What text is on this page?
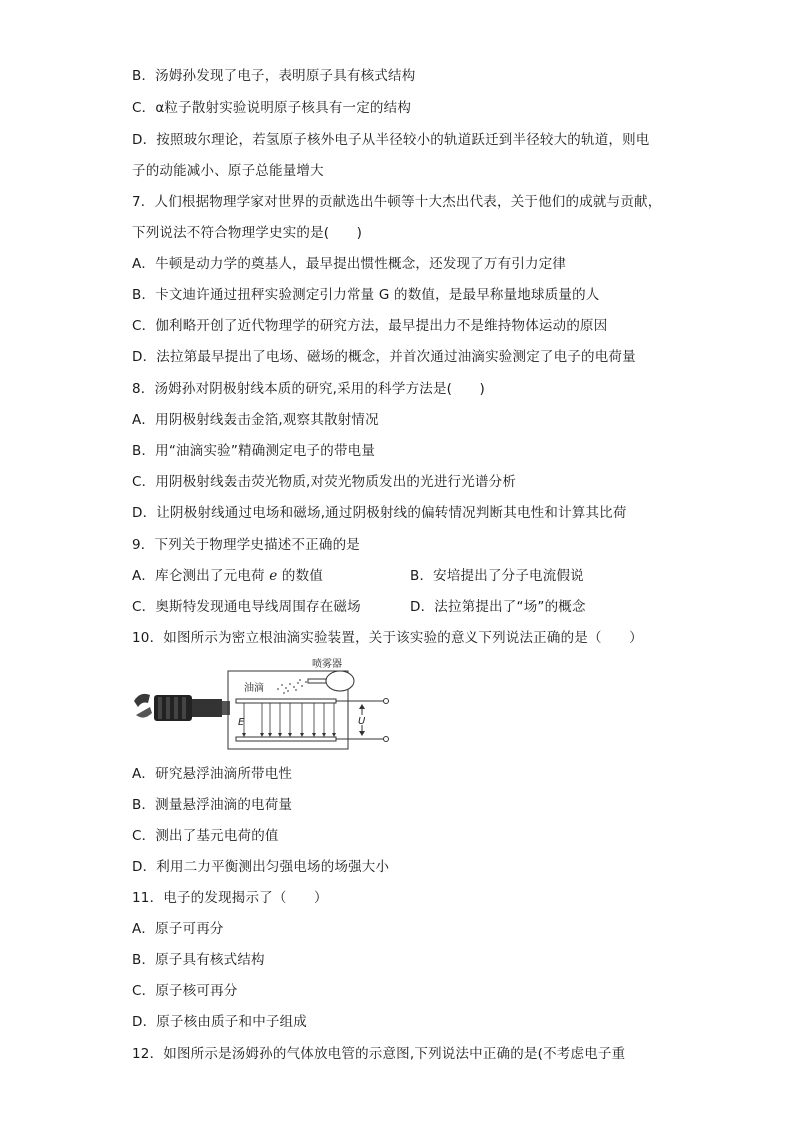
B．汤姆孙发现了电子，表明原子具有核式结构
C．α粒子散射实验说明原子核具有一定的结构
D．按照玻尔理论，若氢原子核外电子从半径较小的轨道跃迁到半径较大的轨道，则电
子的动能减小、原子总能量增大
7．人们根据物理学家对世界的贡献选出牛顿等十大杰出代表，关于他们的成就与贡献，
下列说法不符合物理学史实的是(　　)
A．牛顿是动力学的奠基人，最早提出惯性概念，还发现了万有引力定律
B．卡文迪许通过扭秤实验测定引力常量 G 的数值，是最早称量地球质量的人
C．伽利略开创了近代物理学的研究方法，最早提出力不是维持物体运动的原因
D．法拉第最早提出了电场、磁场的概念，并首次通过油滴实验测定了电子的电荷量
8．汤姆孙对阴极射线本质的研究,采用的科学方法是(　　)
A．用阴极射线轰击金箔,观察其散射情况
B．用“油滴实验”精确测定电子的带电量
C．用阴极射线轰击荧光物质,对荧光物质发出的光进行光谱分析
D．让阴极射线通过电场和磁场,通过阴极射线的偏转情况判断其电性和计算其比荷
9．下列关于物理学史描述不正确的是
A．库仑测出了元电荷 e 的数值	B．安培提出了分子电流假说
C．奥斯特发现通电导线周围存在磁场	D．法拉第提出了“场”的概念
10．如图所示为密立根油滴实验装置，关于该实验的意义下列说法正确的是（　　）
喷雾器
油滴
E	U
A．研究悬浮油滴所带电性
B．测量悬浮油滴的电荷量
C．测出了基元电荷的值
D．利用二力平衡测出匀强电场的场强大小
11．电子的发现揭示了（　　）
A．原子可再分
B．原子具有核式结构
C．原子核可再分
D．原子核由质子和中子组成
12．如图所示是汤姆孙的气体放电管的示意图,下列说法中正确的是(不考虑电子重
